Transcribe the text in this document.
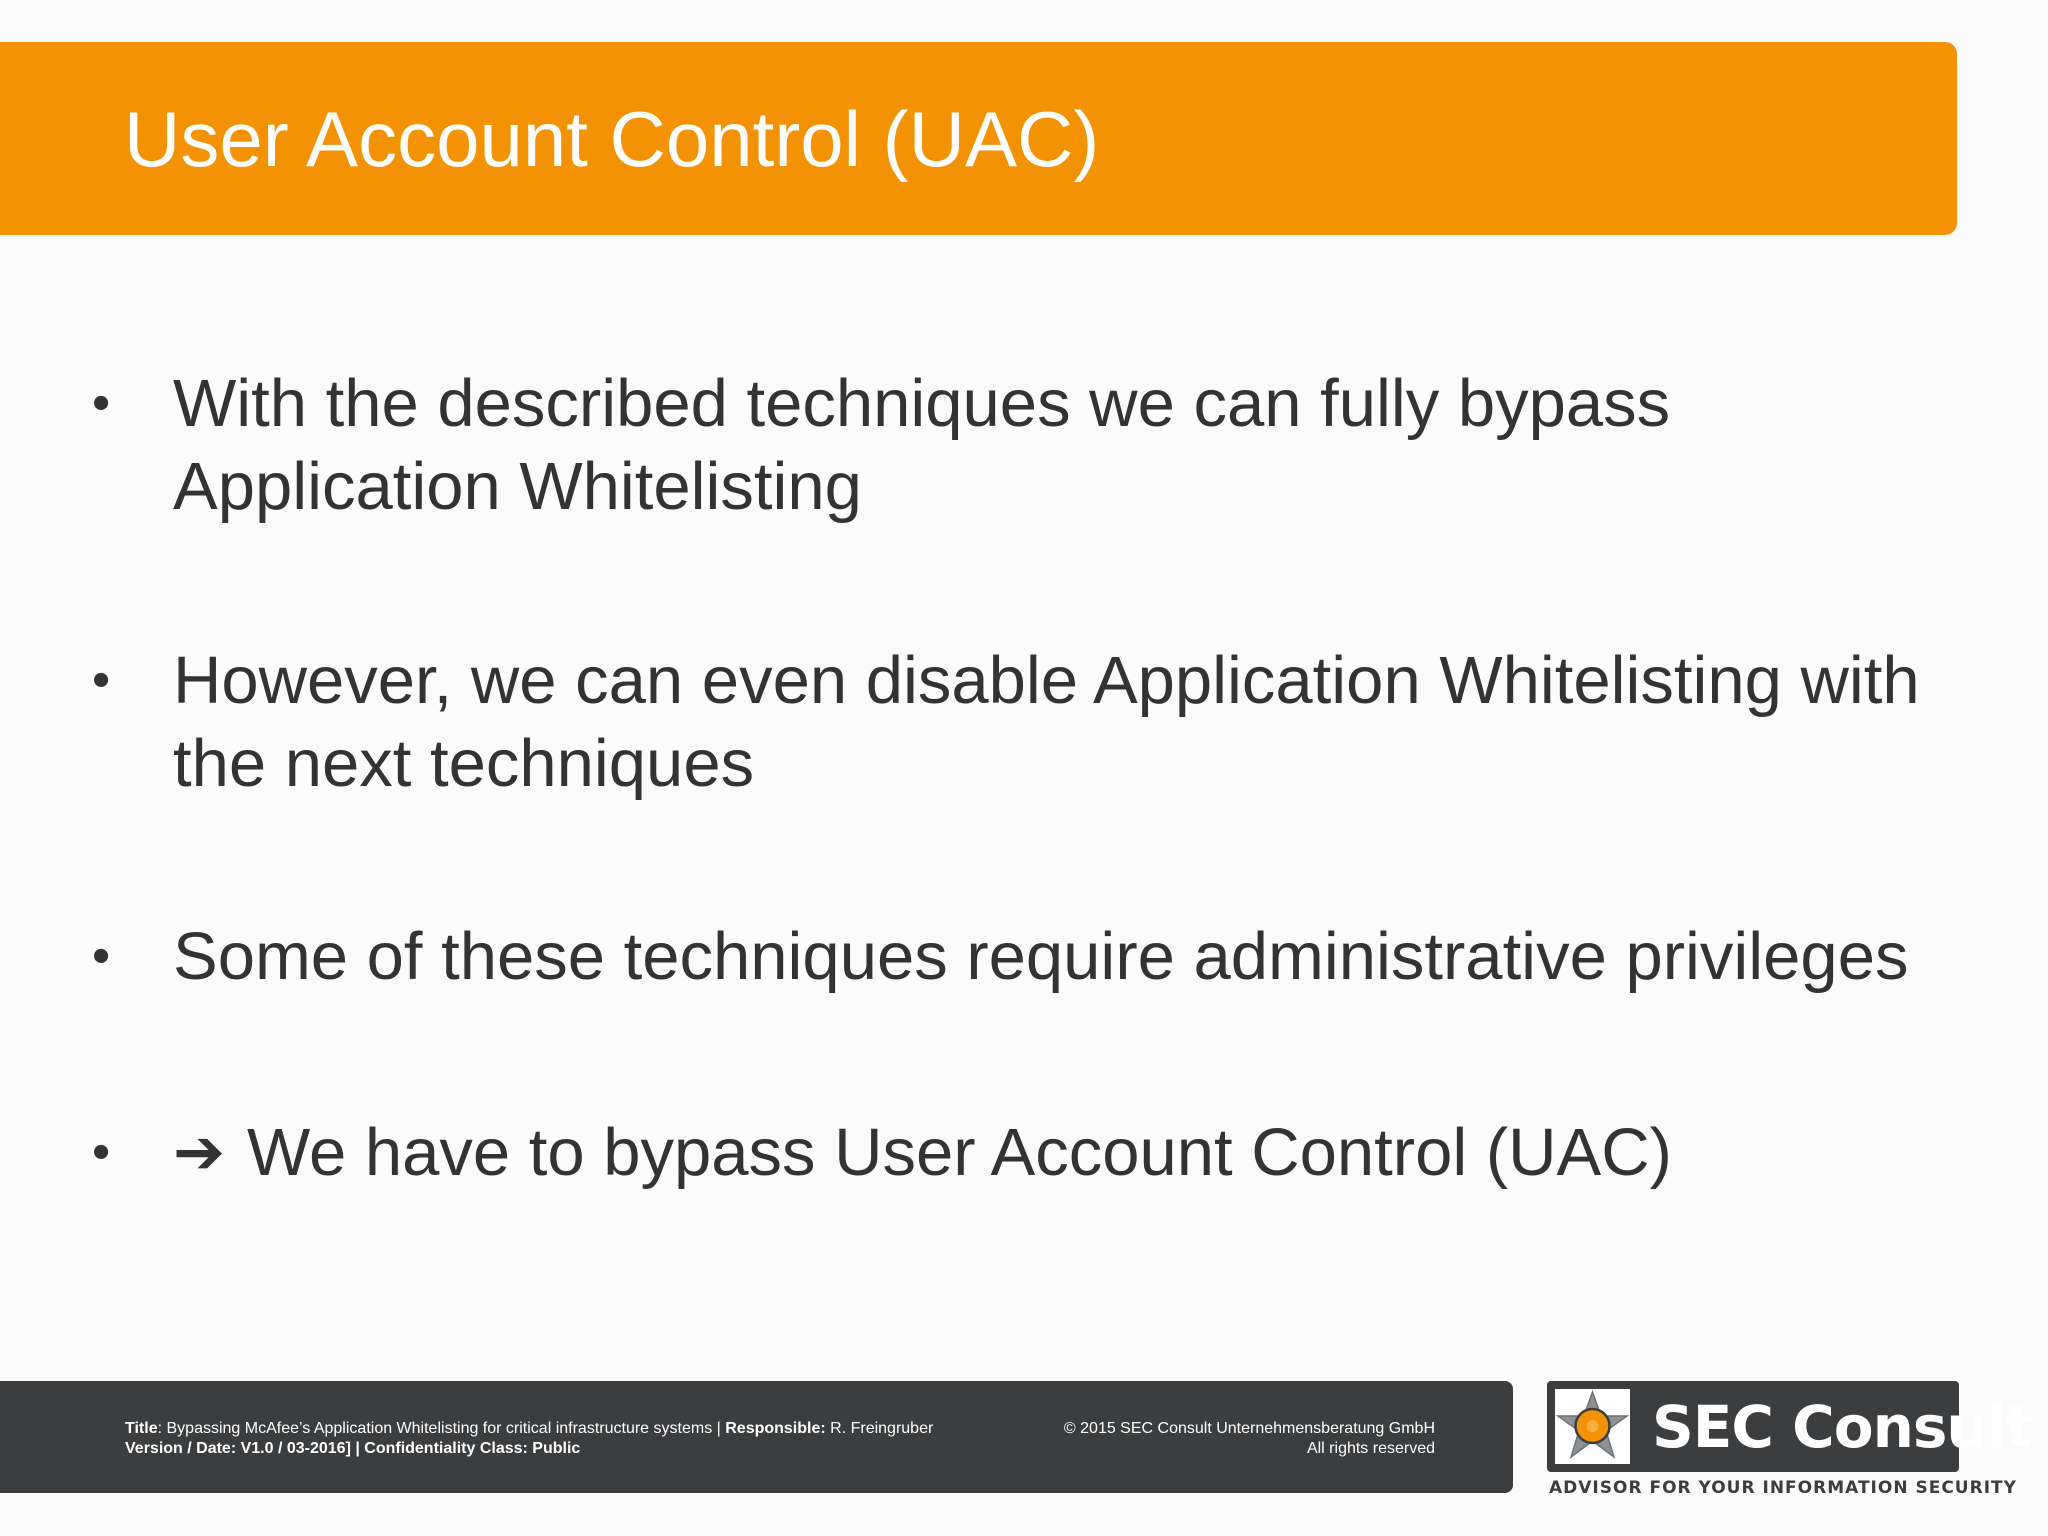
User Account Control (UAC)
• With the described techniques we can fully bypass
Application Whitelisting
• However, we can even disable Application Whitelisting with
the next techniques
• Some of these techniques require administrative privileges
• ➔ We have to bypass User Account Control (UAC)
Title: Bypassing McAfee’s Application Whitelisting for critical infrastructure systems | Responsible: R. Freingruber
Version / Date: V1.0 / 03-2016] | Confidentiality Class: Public
© 2015 SEC Consult Unternehmensberatung GmbH
All rights reserved	SEC Consult
ADVISOR FOR YOUR INFORMATION SECURITY
